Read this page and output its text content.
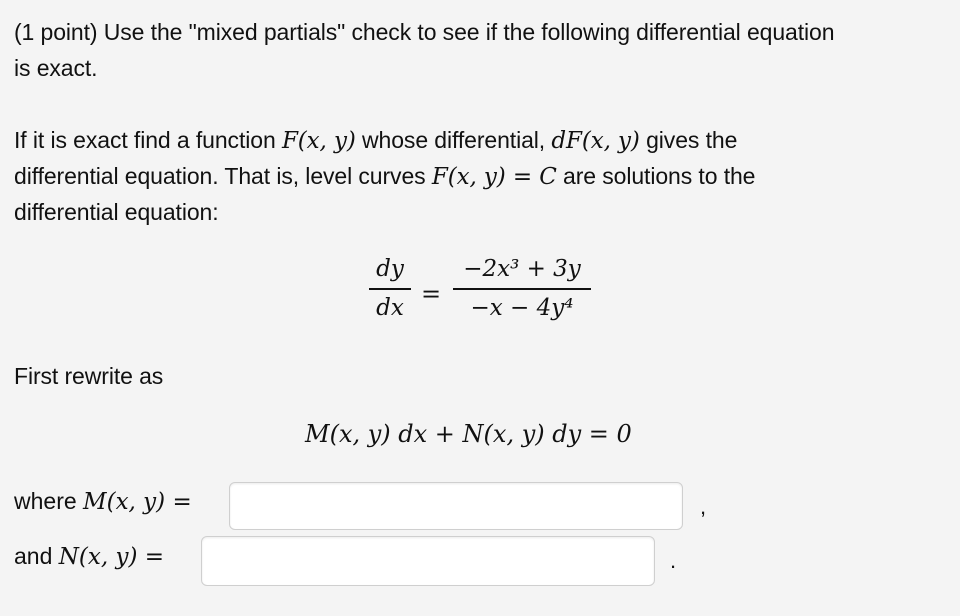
(1 point) Use the "mixed partials" check to see if the following differential equation
is exact.
If it is exact find a function F(x, y) whose differential, dF(x, y) gives the
differential equation. That is, level curves F(x, y) = C are solutions to the
differential equation:
dy
dx =
−2x³ + 3y
−x − 4y⁴
First rewrite as
M(x, y) dx + N(x, y) dy = 0
where M(x, y) =	,
and N(x, y) =	.
